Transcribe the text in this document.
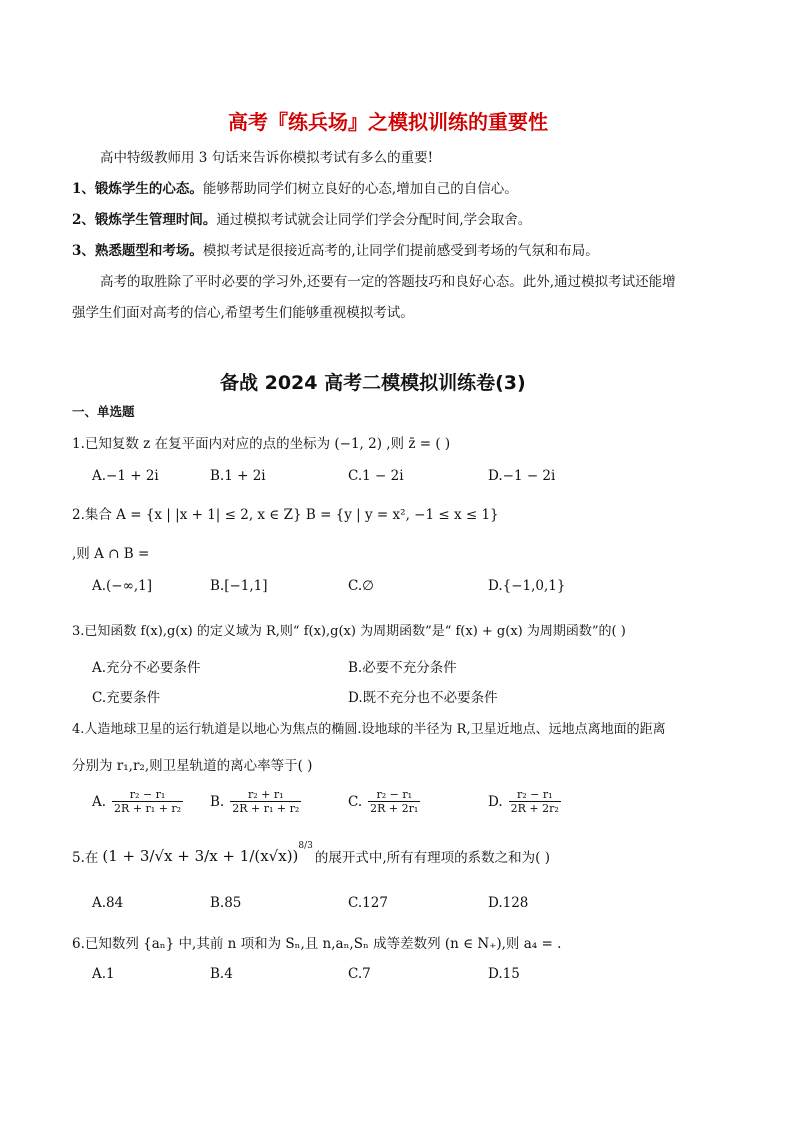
高考『练兵场』之模拟训练的重要性
高中特级教师用 3 句话来告诉你模拟考试有多么的重要!
1、锻炼学生的心态。能够帮助同学们树立良好的心态,增加自己的自信心。
2、锻炼学生管理时间。通过模拟考试就会让同学们学会分配时间,学会取舍。
3、熟悉题型和考场。模拟考试是很接近高考的,让同学们提前感受到考场的气氛和布局。
高考的取胜除了平时必要的学习外,还要有一定的答题技巧和良好心态。此外,通过模拟考试还能增
强学生们面对高考的信心,希望考生们能够重视模拟考试。
备战 2024 高考二模模拟训练卷(3)
一、单选题
1.已知复数 z 在复平面内对应的点的坐标为 (−1, 2) ,则 z̄ = ( )
A.−1 + 2i	B.1 + 2i	C.1 − 2i	D.−1 − 2i
2.集合 A = {x | |x + 1| ≤ 2, x ∈ Z} B = {y | y = x², −1 ≤ x ≤ 1}
,则 A ∩ B =
A.(−∞,1]	B.[−1,1]	C.∅	D.{−1,0,1}
3.已知函数 f(x),g(x) 的定义域为 R,则“ f(x),g(x) 为周期函数”是“ f(x) + g(x) 为周期函数”的( )
A.充分不必要条件	B.必要不充分条件
C.充要条件	D.既不充分也不必要条件
4.人造地球卫星的运行轨道是以地心为焦点的椭圆.设地球的半径为 R,卫星近地点、远地点离地面的距离
分别为 r₁,r₂,则卫星轨道的离心率等于( )
A. $\frac{\text{r₂ − r₁}}{\text{2R + r₁ + r₂}} B$. $\frac{\text{r₂ + r₁}}{\text{2R + r₁ + r₂}}$	C. $\frac{\text{r₂ − r₁}}{\text{2R + 2r₁}}$	D. $\frac{\text{r₂ − r₁}}{\text{2R + 2r₂}}$
5.在 (1 + 3/√x + 3/x + 1/(x√x))
$^{8/3}$
的展开式中,所有有理项的系数之和为( )
A.84	B.85	C.127	D.128
6.已知数列 {aₙ} 中,其前 n 项和为 Sₙ,且 n,aₙ,Sₙ 成等差数列 (n ∈ N₊),则 a₄ = .
A.1	B.4	C.7	D.15
